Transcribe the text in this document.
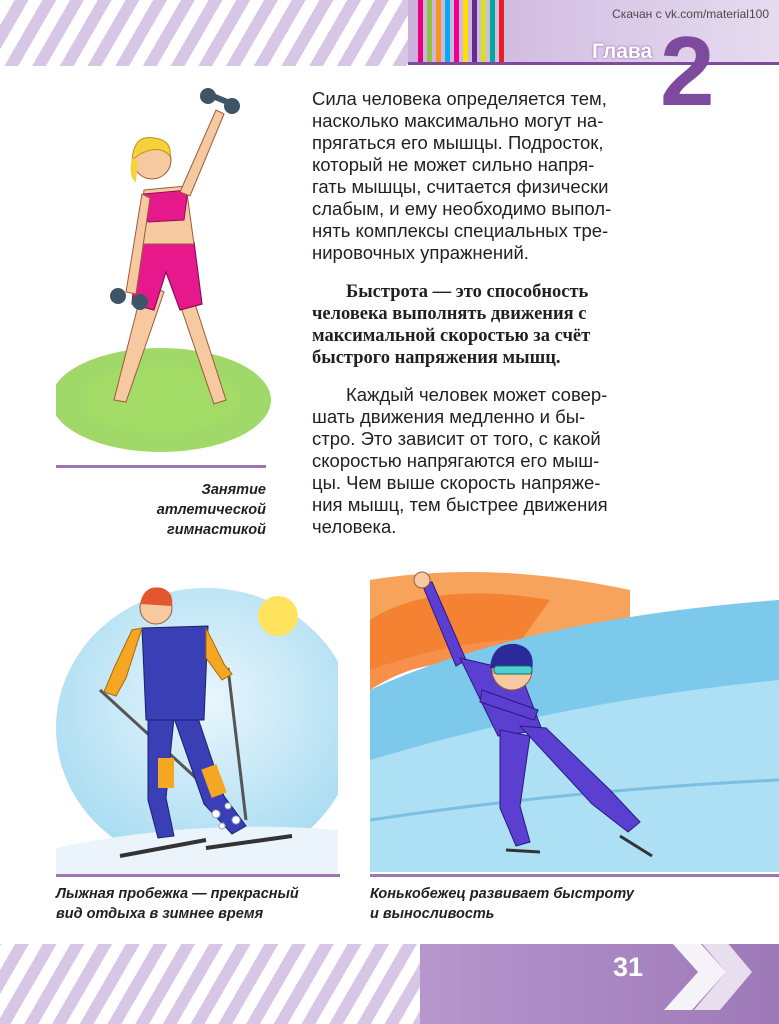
Скачан с vk.com/material100
Глава 2
Занятие
атлетической
гимнастикой
Сила человека определяется тем,
насколько максимально могут на-
прягаться его мышцы. Подросток,
который не может сильно напря-
гать мышцы, считается физически
слабым, и ему необходимо выпол-
нять комплексы специальных тре-
нировочных упражнений.
Быстрота — это способность
человека выполнять движения с
максимальной скоростью за счёт
быстрого напряжения мышц.
Каждый человек может совер-
шать движения медленно и бы-
стро. Это зависит от того, с какой
скоростью напрягаются его мыш-
цы. Чем выше скорость напряже-
ния мышц, тем быстрее движения
человека.
Лыжная пробежка — прекрасный
вид отдыха в зимнее время
Конькобежец развивает быстроту
и выносливость
31
